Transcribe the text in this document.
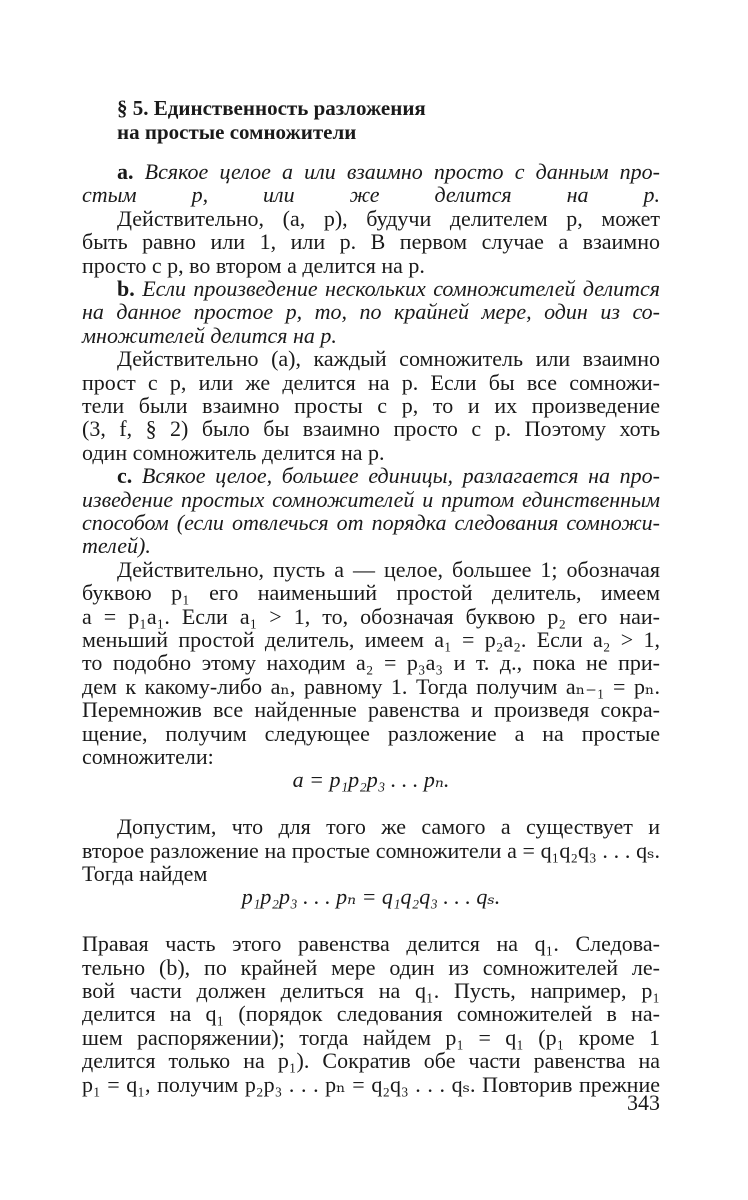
§ 5. Единственность разложения
на простые сомножители
a. Всякое целое a или взаимно просто с данным про-
стым p, или же делится на p.
Действительно, (a, p), будучи делителем p, может
быть равно или 1, или p. В первом случае a взаимно
просто с p, во втором a делится на p.
b. Если произведение нескольких сомножителей делится
на данное простое p, то, по крайней мере, один из со-
множителей делится на p.
Действительно (a), каждый сомножитель или взаимно
прост с p, или же делится на p. Если бы все сомножи-
тели были взаимно просты с p, то и их произведение
(3, f, § 2) было бы взаимно просто с p. Поэтому хоть
один сомножитель делится на p.
c. Всякое целое, большее единицы, разлагается на про-
изведение простых сомножителей и притом единственным
способом (если отвлечься от порядка следования сомножи-
телей).
Действительно, пусть a — целое, большее 1; обозначая
буквою p₁ его наименьший простой делитель, имеем
a = p₁a₁. Если a₁ > 1, то, обозначая буквою p₂ его наи-
меньший простой делитель, имеем a₁ = p₂a₂. Если a₂ > 1,
то подобно этому находим a₂ = p₃a₃ и т. д., пока не при-
дем к какому-либо aₙ, равному 1. Тогда получим aₙ₋₁ = pₙ.
Перемножив все найденные равенства и произведя сокра-
щение, получим следующее разложение a на простые
сомножители:
a = p₁p₂p₃ . . . pₙ.
Допустим, что для того же самого a существует и
второе разложение на простые сомножители a = q₁q₂q₃ . . . qₛ.
Тогда найдем
p₁p₂p₃ . . . pₙ = q₁q₂q₃ . . . qₛ.
Правая часть этого равенства делится на q₁. Следова-
тельно (b), по крайней мере один из сомножителей ле-
вой части должен делиться на q₁. Пусть, например, p₁
делится на q₁ (порядок следования сомножителей в на-
шем распоряжении); тогда найдем p₁ = q₁ (p₁ кроме 1
делится только на p₁). Сократив обе части равенства на
p₁ = q₁, получим p₂p₃ . . . pₙ = q₂q₃ . . . qₛ. Повторив прежние
343
